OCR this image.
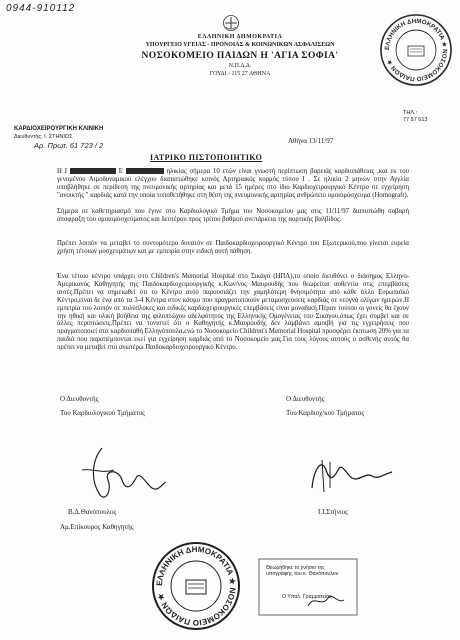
0944-910112
ΕΛΛΗΝΙΚΗ ΔΗΜΟΚΡΑΤΙΑ
ΥΠΟΥΡΓΕΙΟ ΥΓΕΙΑΣ - ΠΡΟΝΟΙΑΣ & ΚΟΙΝΩΝΙΚΩΝ ΑΣΦΑΛΙΣΕΩΝ
ΝΟΣΟΚΟΜΕΙΟ ΠΑΙΔΩΝ Η 'ΑΓΙΑ ΣΟΦΙΑ'
Ν.Π.Δ.Δ.
ΓΟΥΔΙ - 115 27 ΑΘΗΝΑ
ΕΛΛΗΝΙΚΗ ΔΗΜΟΚΡΑΤΙΑ ★ ΝΟΣΟΚΟΜΕΙΟ ΠΑΙΔΩΝ ★
ΤΗΛ.:
77 57 613
ΚΑΡΔΙΟΧΕΙΡΟΥΡΓΙΚΗ ΚΛΙΝΙΚΗ
Διευθυντής: Ι. ΣΤΗΝΙΟΣ
Αρ. Πρωτ. 61 723 / 2	Αθήνα 13/11/97
ΙΑΤΡΙΚΟ ΠΙΣΤΟΠΟΙΗΤΙΚΟ

Η Ι	Ε	ηλικίας σήμερα 10 ετών είναι γνωστή περίπτωση βαρειάς καρδιοπάθειας ,και εκ του γενομένου Αιμοδυναμικού ελέγχου διαπιστώθηκε κοινός Αρτηριακός κορμός τύπου Ι . Σε ηλικία 2 μηνών στην Αγγλία υποβλήθηκε σε περίδεση της πνευμονικής αρτηρίας και μετά 15 ημέρες στο ίδιο Καρδιοχειρουργικό Κέντρο σε εγχείρηση "ανοικτής " καρδιάς κατά την οποία τοποθετήθηκε στη θέση της πνευμονικής αρτηρίας ανθρώπειο ομοιομόσχευμα (Homograft).

Σήμερα σε καθετηριασμό που έγινε στο Καρδιολογικό Τμήμα του Νοσοκομείου μας στις 11/11/97 διαπιστώθη σοβαρή αποφραξη του ομοιομοσχεύματος και δευτέρου προς τρίτου βαθμού ανεπάρκεια της αορτικής βαλβίδος.

Πρέπει λοιπόν να μεταβεί το συντομότερο δυνατόν σε Παιδοκαρδιοχειρουργικό Κέντρο του Εξωτερικού,που γίνεται ευρεία χρήση τέτοιων μοσχευμάτων και με εμπειρία στην ειδική αυτή πάθηση.

Ένα τέτοιο κέντρο υπάρχει στο Children's Memorial Hospital στο Σικάγο (ΗΠΑ),το οποίο διευθύνει ο διάσημος Ελληνο-Αμερικανός Καθηγητής της Παιδοκαρδιοχειρουργικής κ.Κων/νος Μαυρουδής που θεωρείται αυθεντία στις επεμβάσεις αυτές.Πρέπει να σημειωθεί ότι το Κέντρο αυτό παρουσιάζει την χαμηλότερη θνησιμότητα από κάθε άλλο Ευρωπαϊκό Κέντρο,είναι δε ένα από τα 3-4 Κέντρα στον κόσμο που πραγματοποιούν μεταμοσχεύσεις καρδιάς σε νεογνά ολίγων ημερών.Η εμπειρία του λοιπόν σε πολύπλοκες και ειδικές καρδιοχειρουργικές επεμβάσεις είναι μοναδική.Πέραν τούτου οι γονείς θα έχουν την ηθική και υλική βοήθεια της φιλοπτώχου αδελφότητος της Ελληνικής Ομογένειας του Σικάγου,όπως έχει συμβεί και σε άλλες περιπτώσεις.Πρέπει να τονιστεί ότι ο Καθηγητής κ.Μαυρουδής δεν λαμβάνει αμοιβή για τις εγχειρήσεις που πραγματοποιεί στα καρδιοπαθή Ελληνόπουλα,ενώ το Νοσοκομείο Children's Memorial Hospital προσφέρει έκπτωση 20% για τα παιδιά που παραπέμπονται εκεί για εγχείρηση καρδιάς από το Νοσοκομείο μας.Για τους λόγους αυτούς ο ασθενής αυτός θα πρέπει να μεταβεί στο ανωτέρω Παιδοκαρδιοχειρουργικό Κέντρο.

Ο Διευθυντής
Του Καρδιολογικού Τμήματος
Ο Διευθυντής
Του Καρδιοχ/κού Τμήματος
Β.Δ.Θανόπουλος
Αμ.Επίκουρος Καθηγητής
Ι.Ι.Στήνιος
ΕΛΛΗΝΙΚΗ ΔΗΜΟΚΡΑΤΙΑ ★ ΝΟΣΟΚΟΜΕΙΟ ΠΑΙΔΩΝ ★
Θεωρήθηκε το γνήσιο της υπογραφής του κ. Θανόπουλου
Ο Υπαλ. Γραμματείας
